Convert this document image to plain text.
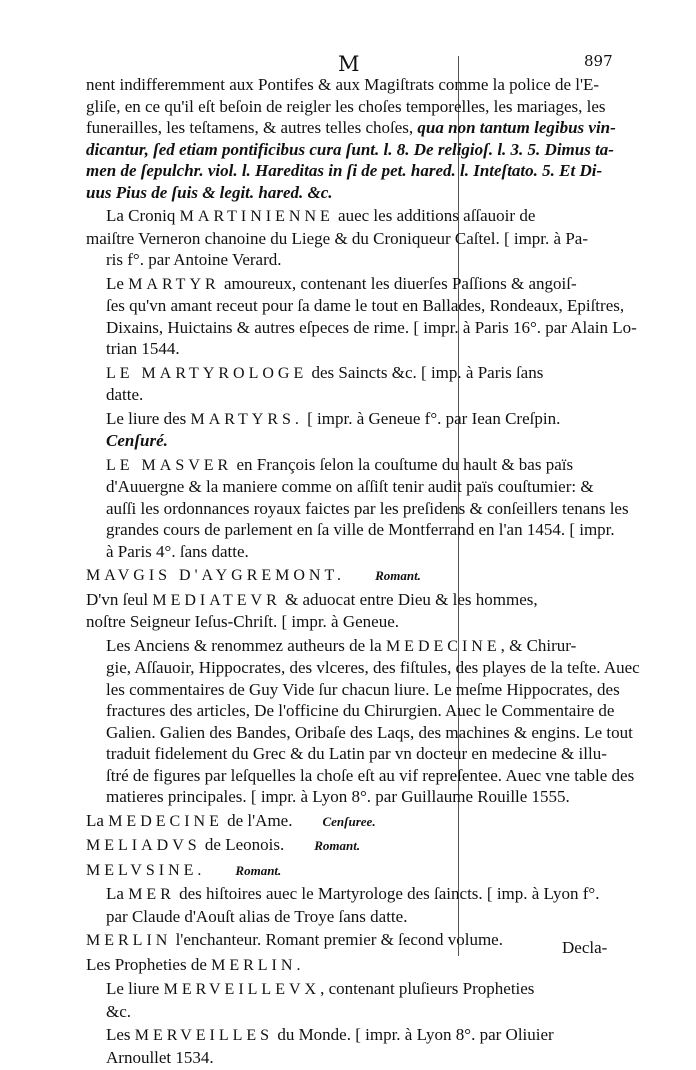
M	897

nent indifferemment aux Pontifes & aux Magiſtrats comme la police de l'E-
gliſe, en ce qu'il eſt beſoin de reigler les choſes temporelles, les mariages, les
funerailles, les teſtamens, & autres telles choſes, qua non tantum legibus vin-
dicantur, ſed etiam pontificibus cura ſunt. l. 8. De religioſ. l. 3. 5. Dimus ta-
men de ſepulchr. viol. l. Hareditas in ſi de pet. hared. l. Inteſtato. 5. Et Di-
uus Pius de ſuis & legit. hared. &c.

La Croniq MARTINIENNE auec les additions aſſauoir de
maiſtre Verneron chanoine du Liege & du Croniqueur Caſtel. [ impr. à Pa-
ris f°. par Antoine Verard.

Le MARTYR amoureux, contenant les diuerſes Paſſions & angoiſ-
ſes qu'vn amant receut pour ſa dame le tout en Ballades, Rondeaux, Epiſtres,
Dixains, Huictains & autres eſpeces de rime. [ impr. à Paris 16°. par Alain Lo-
trian 1544.

LE MARTYROLOGE des Saincts &c. [ imp. à Paris ſans
datte.

Le liure des MARTYRS. [ impr. à Geneue f°. par Iean Creſpin.
Cenſuré.

LE MASVER en François ſelon la couſtume du hault & bas païs
d'Auuergne & la maniere comme on aſſiſt tenir audit païs couſtumier: &
auſſi les ordonnances royaux faictes par les preſidens & conſeillers tenans les
grandes cours de parlement en ſa ville de Montferrand en l'an 1454. [ impr.
à Paris 4°. ſans datte.

MAVGIS D'AYGREMONT. Romant.

D'vn ſeul MEDIATEVR & aduocat entre Dieu & les hommes,
noſtre Seigneur Ieſus-Chriſt. [ impr. à Geneue.

Les Anciens & renommez autheurs de la MEDECINE, & Chirur-
gie, Aſſauoir, Hippocrates, des vlceres, des fiſtules, des playes de la teſte. Auec
les commentaires de Guy Vide ſur chacun liure. Le meſme Hippocrates, des
fractures des articles, De l'officine du Chirurgien. Auec le Commentaire de
Galien. Galien des Bandes, Oribaſe des Laqs, des machines & engins. Le tout
traduit fidelement du Grec & du Latin par vn docteur en medecine & illu-
ſtré de figures par leſquelles la choſe eſt au vif repreſentee. Auec vne table des
matieres principales. [ impr. à Lyon 8°. par Guillaume Rouille 1555.

La MEDECINE de l'Ame. Cenſuree.

MELIADVS de Leonois. Romant.

MELVSINE. Romant.

La MER des hiſtoires auec le Martyrologe des ſaincts. [ imp. à Lyon f°.
par Claude d'Aouſt alias de Troye ſans datte.

MERLIN l'enchanteur. Romant premier & ſecond volume.

Les Propheties de MERLIN.

Le liure MERVEILLEVX, contenant pluſieurs Propheties
&c.

Les MERVEILLES du Monde. [ impr. à Lyon 8°. par Oliuier
Arnoullet 1534.

Decla-
